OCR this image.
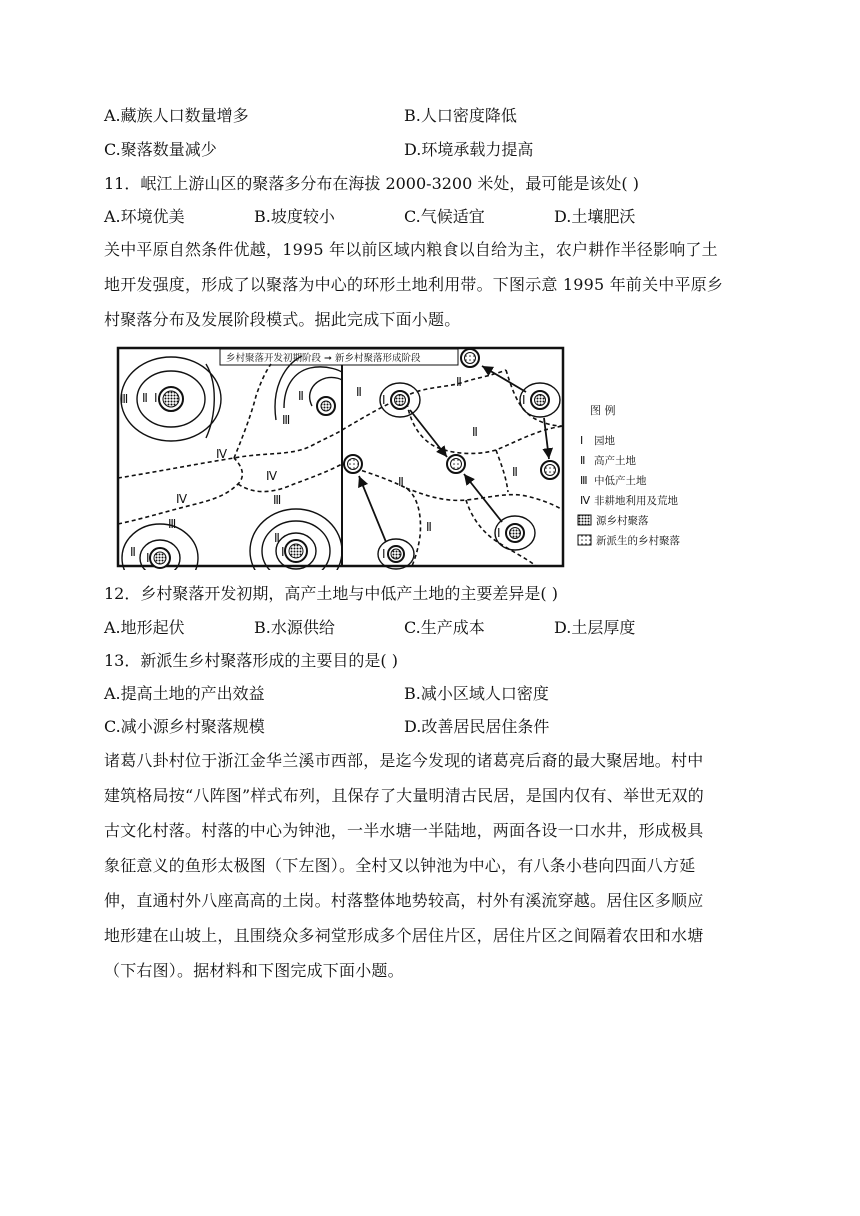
A.藏族人口数量增多	B.人口密度降低
C.聚落数量减少	D.环境承载力提高
11．岷江上游山区的聚落多分布在海拔 2000-3200 米处，最可能是该处( )
A.环境优美	B.坡度较小	C.气候适宜	D.土壤肥沃
关中平原自然条件优越，1995 年以前区域内粮食以自给为主，农户耕作半径影响了土
地开发强度，形成了以聚落为中心的环形土地利用带。下图示意 1995 年前关中平原乡
村聚落分布及发展阶段模式。据此完成下面小题。
乡村聚落开发初期阶段 ➞ 新乡村聚落形成阶段
Ⅲ Ⅱ Ⅰ
Ⅳ
Ⅲ
Ⅱ
Ⅳ
Ⅳ	Ⅲ
Ⅱ
Ⅰ
Ⅲ
Ⅱ Ⅰ
Ⅱ
Ⅰ
Ⅱ
Ⅰ
Ⅱ
Ⅱ
Ⅱ
Ⅱ	Ⅰ
Ⅰ
图 例
Ⅰ 园地
Ⅱ 高产土地
Ⅲ 中低产土地
Ⅳ 非耕地利用及荒地
源乡村聚落
新派生的乡村聚落
12．乡村聚落开发初期，高产土地与中低产土地的主要差异是( )
A.地形起伏	B.水源供给	C.生产成本	D.土层厚度
13．新派生乡村聚落形成的主要目的是( )
A.提高土地的产出效益	B.减小区域人口密度
C.减小源乡村聚落规模	D.改善居民居住条件
诸葛八卦村位于浙江金华兰溪市西部，是迄今发现的诸葛亮后裔的最大聚居地。村中
建筑格局按“八阵图”样式布列，且保存了大量明清古民居，是国内仅有、举世无双的
古文化村落。村落的中心为钟池，一半水塘一半陆地，两面各设一口水井，形成极具
象征意义的鱼形太极图（下左图）。全村又以钟池为中心，有八条小巷向四面八方延
伸，直通村外八座高高的土岗。村落整体地势较高，村外有溪流穿越。居住区多顺应
地形建在山坡上，且围绕众多祠堂形成多个居住片区，居住片区之间隔着农田和水塘
（下右图）。据材料和下图完成下面小题。
